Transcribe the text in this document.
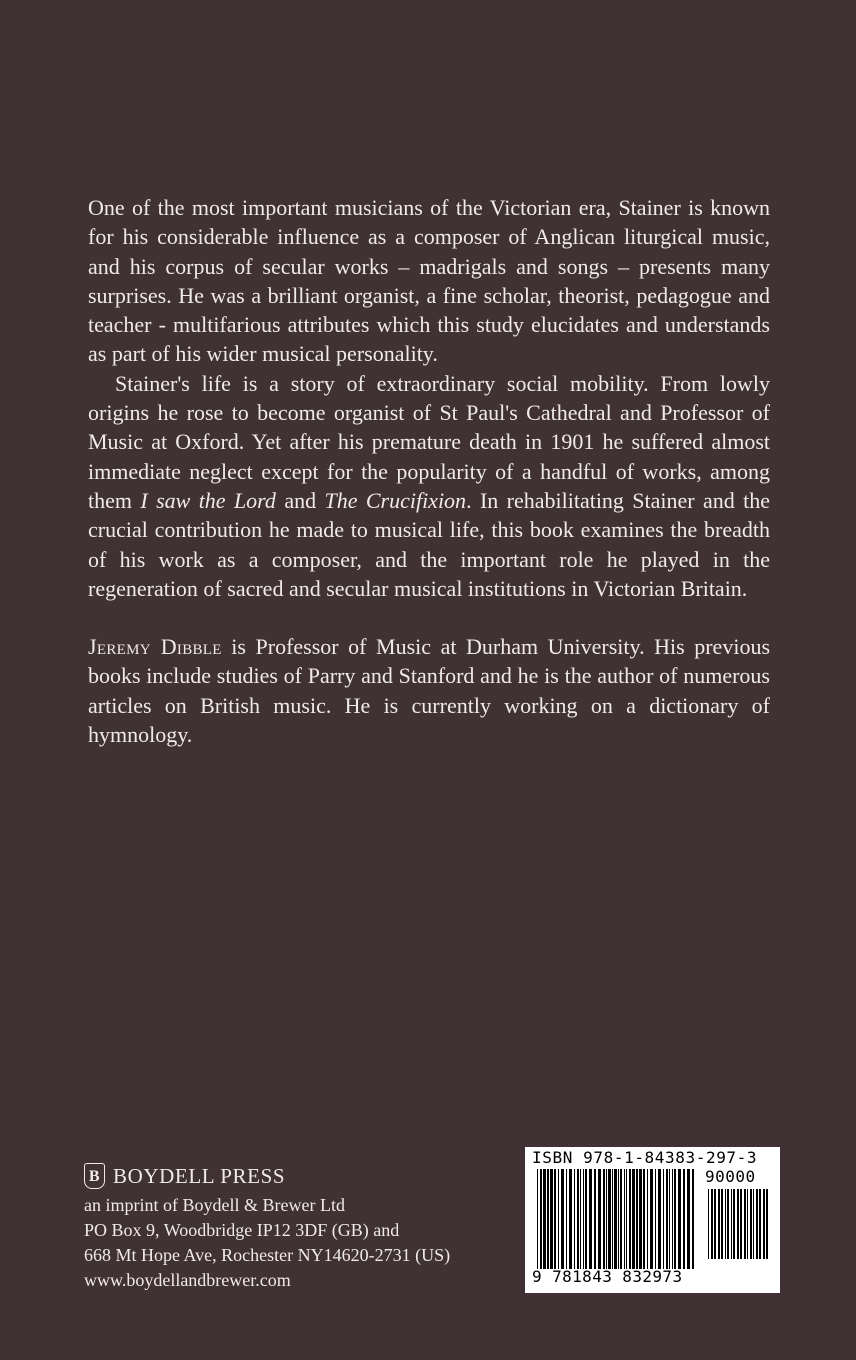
One of the most important musicians of the Victorian era, Stainer is known for his considerable influence as a composer of Anglican liturgical music, and his corpus of secular works – madrigals and songs – presents many surprises. He was a brilliant organist, a fine scholar, theorist, pedagogue and teacher - multifarious attributes which this study elucidates and understands as part of his wider musical personality.

Stainer's life is a story of extraordinary social mobility. From lowly origins he rose to become organist of St Paul's Cathedral and Professor of Music at Oxford. Yet after his premature death in 1901 he suffered almost immediate neglect except for the popularity of a handful of works, among them I saw the Lord and The Crucifixion. In rehabilitating Stainer and the crucial contribution he made to musical life, this book examines the breadth of his work as a composer, and the important role he played in the regeneration of sacred and secular musical institutions in Victorian Britain.

Jeremy Dibble is Professor of Music at Durham University. His previous books include studies of Parry and Stanford and he is the author of numerous articles on British music. He is currently working on a dictionary of hymnology.

B BOYDELL PRESS
an imprint of Boydell & Brewer Ltd
PO Box 9, Woodbridge IP12 3DF (GB) and
668 Mt Hope Ave, Rochester NY14620-2731 (US)
www.boydellandbrewer.com
ISBN 978-1-84383-297-3
90000
9 781843 832973
